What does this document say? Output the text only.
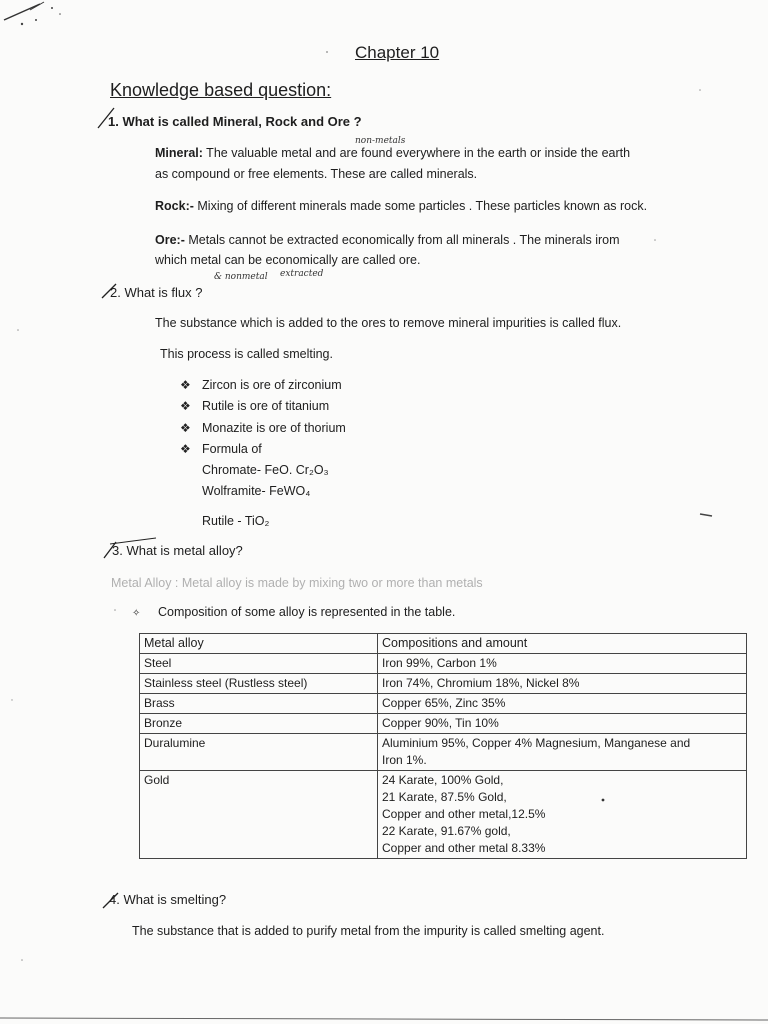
Chapter 10
Knowledge based question:
1. What is called Mineral, Rock and Ore ?
non-metals
Mineral: The valuable metal and are found everywhere in the earth or inside the earth
as compound or free elements. These are called minerals.
Rock:- Mixing of different minerals made some particles . These particles known as rock.
Ore:- Metals cannot be extracted economically from all minerals . The minerals irom
which metal can be economically are called ore.
& nonmetal extracted
2. What is flux ?
The substance which is added to the ores to remove mineral impurities is called flux.
This process is called smelting.
❖ Zircon is ore of zirconium
❖ Rutile is ore of titanium
❖ Monazite is ore of thorium
❖ Formula of
Chromate- FeO. Cr₂O₃
Wolframite- FeWO₄
Rutile - TiO₂
3. What is metal alloy?
Metal Alloy : Metal alloy is made by mixing two or more than metals
✧ Composition of some alloy is represented in the table.
Metal alloy	Compositions and amount
Steel	Iron 99%, Carbon 1%

Stainless steel (Rustless steel)	Iron 74%, Chromium 18%, Nickel 8%

Brass	Copper 65%, Zinc 35%

Bronze	Copper 90%, Tin 10%

Duralumine	Aluminium 95%, Copper 4% Magnesium, Manganese and
Iron 1%.

Gold	24 Karate, 100% Gold,
21 Karate, 87.5% Gold,
Copper and other metal,12.5%
22 Karate, 91.67% gold,
Copper and other metal 8.33%
4. What is smelting?
The substance that is added to purify metal from the impurity is called smelting agent.
